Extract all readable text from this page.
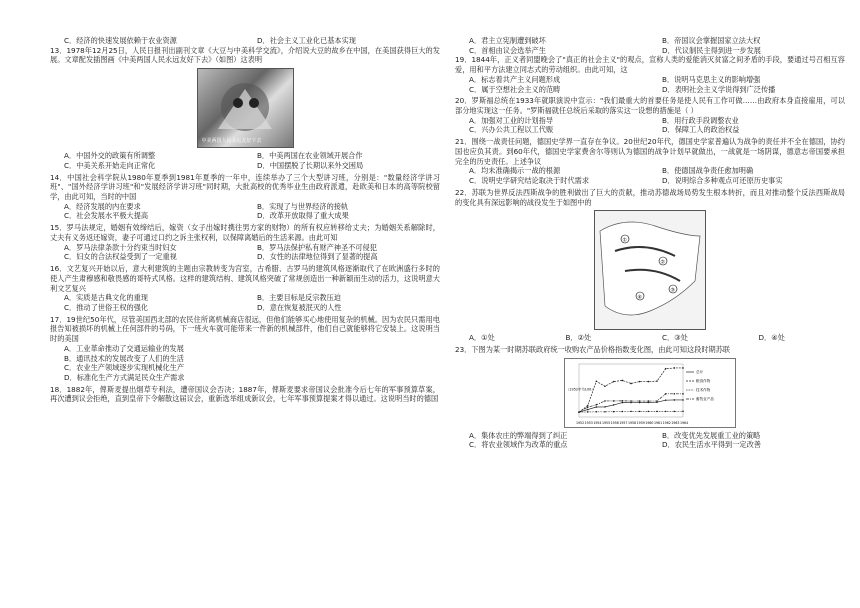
C．经济的快速发展依赖于农业资源	D．社会主义工业化已基本实现
13．1978年12月25日，人民日报刊出副刊文章《大豆与中美科学交流》，介绍说大豆的故乡在中国，在美国获得巨大的发展。文章配发插图画《中美两国人民永远友好下去》（如图）这表明
中美两国人民永远友好下去
A．中国外交的政策有所调整	B．中美两国在农业领域开展合作
C．中美关系开始走向正常化	D．中国摆脱了长期以来外交困局
14．中国社会科学院从1980年夏季到1981年夏季的一年中，连续举办了三个大型讲习班，分别是："数量经济学讲习班"、"国外经济学讲习班"和"发展经济学讲习班"同时期，大批高校的优秀毕业生由政府派遣，赴欧美和日本的高等院校留学，由此可知，当时的中国
A．经济发展的内在要求	B．实现了与世界经济的接轨
C．社会发展水平极大提高	D．改革开放取得了重大成果
15．罗马法规定，婚姻有效缔结后，嫁资（女子出嫁时携往男方家的财物）的所有权应转移给丈夫；为婚姻关系解除时，丈夫有义务返还嫁资，妻子可通过口约之诉主张权利，以保障离婚后的生活来源。由此可知
A．罗马法律条款十分约束当时妇女	B．罗马法保护私有财产神圣不可侵犯
C．妇女的合法权益受到了一定重视	D．女性的法律地位得到了显著的提高
16．文艺复兴开始以后，意大利建筑的主题由宗教转变为宫室，古希腊、古罗马的建筑风格逐渐取代了在欧洲盛行多时的使人产生肃穆感和敬畏感的哥特式风格。这样的建筑结构、建筑风格突破了常规创造出一种新颖而生动的活力，这说明意大利文艺复兴
A．实质是古典文化的重现	B．主要目标是反宗教压迫
C．推动了世俗王权的强化	D．意在恢复被泯灭的人性
17．19世纪50年代，尽管美国西北部的农民住所离机械商店很远，但他们能够买心地使用复杂的机械。因为农民只需用电报告知被损坏的机械上任何部件的号码，下一班火车就可能带来一件新的机械部件，他们自己就能够将它安装上。这说明当时的美国
A．工业革命推动了交通运输业的发展
B．通讯技术的发展改变了人们的生活
C．农业生产领域逐步实现机械化生产
D．标准化生产方式满足民众生产需求
18．1882年，俾斯麦提出烟草专利法，遭帝国议会否决；1887年，俾斯麦要求帝国议会批准今后七年的军事预算草案，再次遭到议会拒绝，直到皇帝下令解散这届议会，重新选举组成新议会，七年军事预算提案才得以通过。这说明当时的德国
A．君主立宪制遭到破坏	B．帝国议会掌握国家立法大权
C．首相由议会选举产生	D．代议制民主得到进一步发展
19．1844年，正义者同盟晚会了"真正的社会主义"的观点，宣称人类的爱能消灭贫富之间矛盾的手段，要通过号召相互容爱，用和平方法建立同志式的劳动组织。由此可知，这
A．标志着共产主义问题形成	B．说明马克思主义的影响增强
C．属于空想社会主义的范畴	D．表明社会主义学说得到广泛传播
20．罗斯福总统在1933年就职演说中宣示："我们最重大的首要任务是使人民有工作可做……由政府本身直接雇用，可以部分地实现这一任务。"罗斯福就任总统后采取的落实这一设想的措施是（ ）
A．加强对工业的计划指导	B．用行政手段调整农业
C．兴办公共工程以工代赈	D．保障工人的政治权益
21．围绕一战责任问题，德国史学界一直存在争议。20世纪20年代，德国史学家普遍认为战争的责任并不全在德国，协约国也应负其责。到60年代，德国史学家费舍尔等则认为德国的战争计划早就做出，一战就是一场阴谋，德意志帝国要承担完全的历史责任。上述争议
A．均未准确揭示一战的根源	B．使德国战争责任愈加明确
C．说明史学研究结论取决于时代需求	D．说明综合多种观点可还原历史事实
22．苏联为世界反法西斯战争的胜利做出了巨大的贡献，推动苏德战场局势发生根本转折，而且对推动整个反法西斯战局的变化具有深远影响的战役发生于如图中的
①
②
③
④
A．①处	B．②处	C．③处	D．④处
23．下图为某一时期苏联政府统一收购农产品价格指数变化图，由此可知这段时期苏联
（1952年为100）
1952 1953 1954 1955 1956 1957 1958 1959 1960 1961 1962 1963 1964
总计
粮食作物
技术作物
畜牧业产品
A．集体农庄的弊端得到了纠正	B．改变优先发展重工业的策略
C．将农业领域作为改革的重点	D．农民生活水平得到一定改善
